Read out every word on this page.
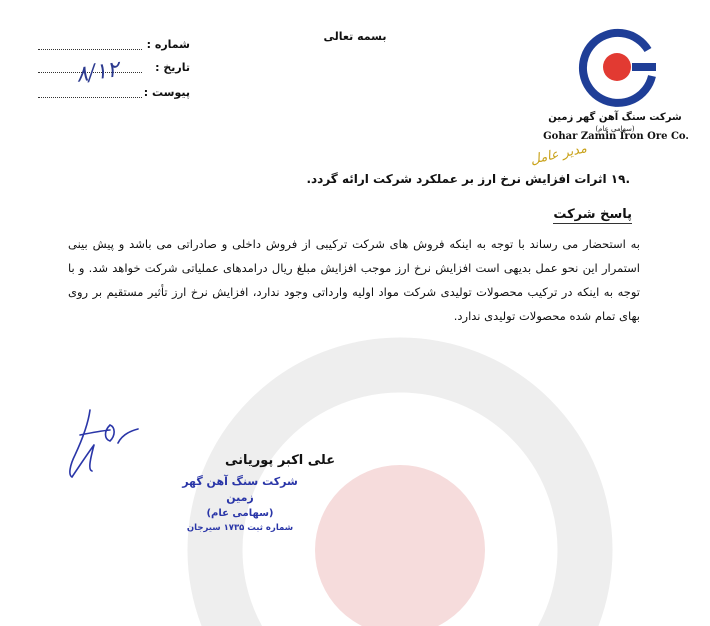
بسمه تعالی
شماره :
تاریخ :
۸/۱۲
پیوست :
شرکت سنگ آهن گهر زمین (سهامی عام)
Gohar Zamin Iron Ore Co.
مدیر عامل
.۱۹ اثرات افزایش نرخ ارز بر عملکرد شرکت ارائه گردد.
پاسخ شرکت
به استحضار می رساند با توجه به اینکه فروش های شرکت ترکیبی از فروش داخلی و صادراتی می باشد و پیش بینی استمرار این نحو عمل بدیهی است افزایش نرخ ارز موجب افزایش مبلغ ریال درامدهای عملیاتی شرکت خواهد شد. و با توجه به اینکه در ترکیب محصولات تولیدی شرکت مواد اولیه وارداتی وجود ندارد، افزایش نرخ ارز تأثیر مستقیم بر روی بهای تمام شده محصولات تولیدی ندارد.
علی اکبر پوریانی
شرکت سنگ آهن گهر زمین
(سهامی عام)
شماره ثبت ۱۷۳۵ سیرجان
